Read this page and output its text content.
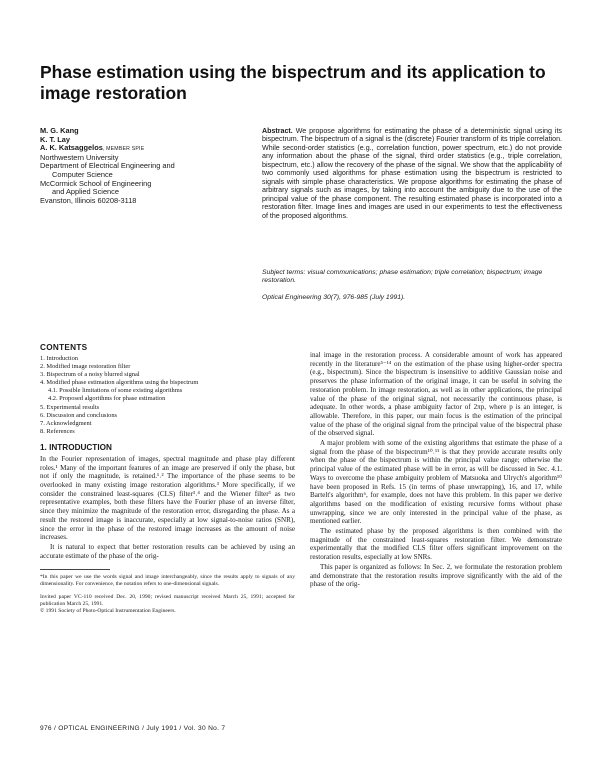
Phase estimation using the bispectrum and its application to image restoration
M. G. Kang
K. T. Lay
A. K. Katsaggelos, MEMBER SPIE
Northwestern University
Department of Electrical Engineering and
Computer Science
McCormick School of Engineering
and Applied Science
Evanston, Illinois 60208-3118
Abstract. We propose algorithms for estimating the phase of a deterministic signal using its bispectrum. The bispectrum of a signal is the (discrete) Fourier transform of its triple correlation. While second-order statistics (e.g., correlation function, power spectrum, etc.) do not provide any information about the phase of the signal, third order statistics (e.g., triple correlation, bispectrum, etc.) allow the recovery of the phase of the signal. We show that the applicability of two commonly used algorithms for phase estimation using the bispectrum is restricted to signals with simple phase characteristics. We propose algorithms for estimating the phase of arbitrary signals such as images, by taking into account the ambiguity due to the use of the principal value of the phase component. The resulting estimated phase is incorporated into a restoration filter. Image lines and images are used in our experiments to test the effectiveness of the proposed algorithms.
Subject terms: visual communications; phase estimation; triple correlation; bispectrum; image restoration.
Optical Engineering 30(7), 976-985 (July 1991).
CONTENTS
1. Introduction
2. Modified image restoration filter
3. Bispectrum of a noisy blurred signal
4. Modified phase estimation algorithms using the bispectrum
4.1. Possible limitations of some existing algorithms
4.2. Proposed algorithms for phase estimation
5. Experimental results
6. Discussion and conclusions
7. Acknowledgment
8. References
1. INTRODUCTION

In the Fourier representation of images, spectral magnitude and phase play different roles.¹ Many of the important features of an image are preserved if only the phase, but not if only the magnitude, is retained.¹˒² The importance of the phase seems to be overlooked in many existing image restoration algorithms.³ More specifically, if we consider the constrained least-squares (CLS) filter³˒⁴ and the Wiener filter³ as two representative examples, both these filters have the Fourier phase of an inverse filter, since they minimize the magnitude of the restoration error, disregarding the phase. As a result the restored image is inaccurate, especially at low signal-to-noise ratios (SNR), since the error in the phase of the restored image increases as the amount of noise increases.

It is natural to expect that better restoration results can be achieved by using an accurate estimate of the phase of the orig-

*In this paper we use the words signal and image interchangeably, since the results apply to signals of any dimensionality. For convenience, the notation refers to one-dimensional signals.

Invited paper VC-110 received Dec. 20, 1990; revised manuscript received March 25, 1991; accepted for publication March 25, 1991.

© 1991 Society of Photo-Optical Instrumentation Engineers.

inal image in the restoration process. A considerable amount of work has appeared recently in the literature⁵⁻¹⁴ on the estimation of the phase using higher-order spectra (e.g., bispectrum). Since the bispectrum is insensitive to additive Gaussian noise and preserves the phase information of the original image, it can be useful in solving the restoration problem. In image restoration, as well as in other applications, the principal value of the phase of the original signal, not necessarily the continuous phase, is adequate. In other words, a phase ambiguity factor of 2πp, where p is an integer, is allowable. Therefore, in this paper, our main focus is the estimation of the principal value of the phase of the original signal from the principal value of the bispectral phase of the observed signal.

A major problem with some of the existing algorithms that estimate the phase of a signal from the phase of the bispectrum¹⁰˒¹¹ is that they provide accurate results only when the phase of the bispectrum is within the principal value range; otherwise the principal value of the estimated phase will be in error, as will be discussed in Sec. 4.1. Ways to overcome the phase ambiguity problem of Matsuoka and Ulrych's algorithm¹⁰ have been proposed in Refs. 15 (in terms of phase unwrapping), 16, and 17, while Bartelt's algorithm⁶, for example, does not have this problem. In this paper we derive algorithms based on the modification of existing recursive forms without phase unwrapping, since we are only interested in the principal value of the phase, as mentioned earlier.

The estimated phase by the proposed algorithms is then combined with the magnitude of the constrained least-squares restoration filter. We demonstrate experimentally that the modified CLS filter offers significant improvement on the restoration results, especially at low SNRs.

This paper is organized as follows: In Sec. 2, we formulate the restoration problem and demonstrate that the restoration results improve significantly with the aid of the phase of the orig-

976 / OPTICAL ENGINEERING / July 1991 / Vol. 30 No. 7
